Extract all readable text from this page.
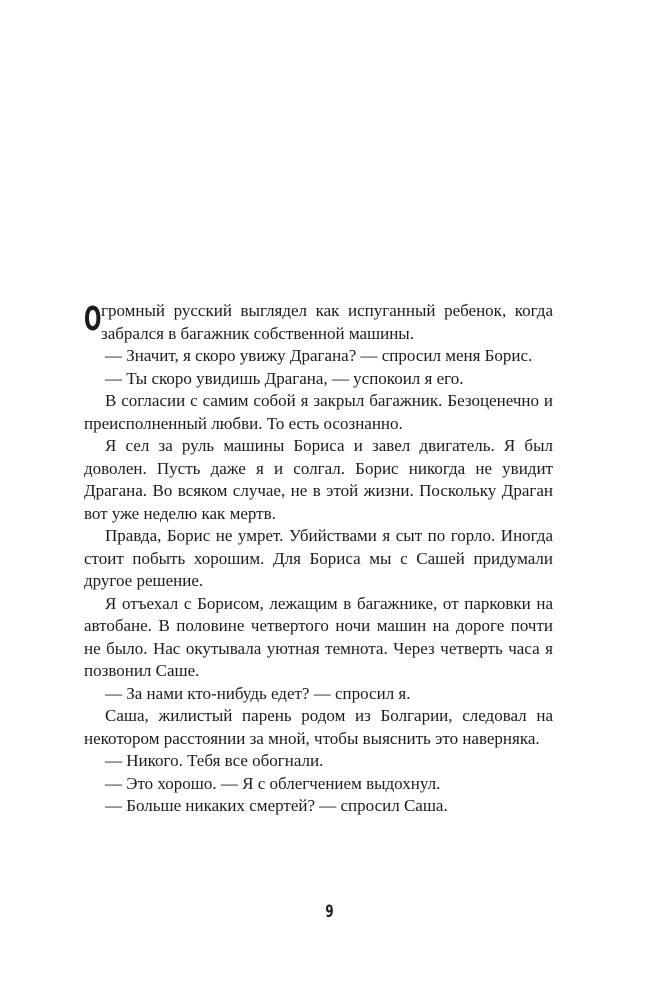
Огромный русский выглядел как испуганный ребенок, когда забрался в багажник собственной машины.

— Значит, я скоро увижу Драгана? — спросил меня Борис.

— Ты скоро увидишь Драгана, — успокоил я его.

В согласии с самим собой я закрыл багажник. Безоценечно и преисполненный любви. То есть осознанно.

Я сел за руль машины Бориса и завел двигатель. Я был доволен. Пусть даже я и солгал. Борис никогда не увидит Драгана. Во всяком случае, не в этой жизни. Поскольку Драган вот уже неделю как мертв.

Правда, Борис не умрет. Убийствами я сыт по горло. Иногда стоит побыть хорошим. Для Бориса мы с Сашей придумали другое решение.

Я отъехал с Борисом, лежащим в багажнике, от парковки на автобане. В половине четвертого ночи машин на дороге почти не было. Нас окутывала уютная темнота. Через четверть часа я позвонил Саше.

— За нами кто-нибудь едет? — спросил я.

Саша, жилистый парень родом из Болгарии, следовал на некотором расстоянии за мной, чтобы выяснить это наверняка.

— Никого. Тебя все обогнали.

— Это хорошо. — Я с облегчением выдохнул.

— Больше никаких смертей? — спросил Саша.

9
